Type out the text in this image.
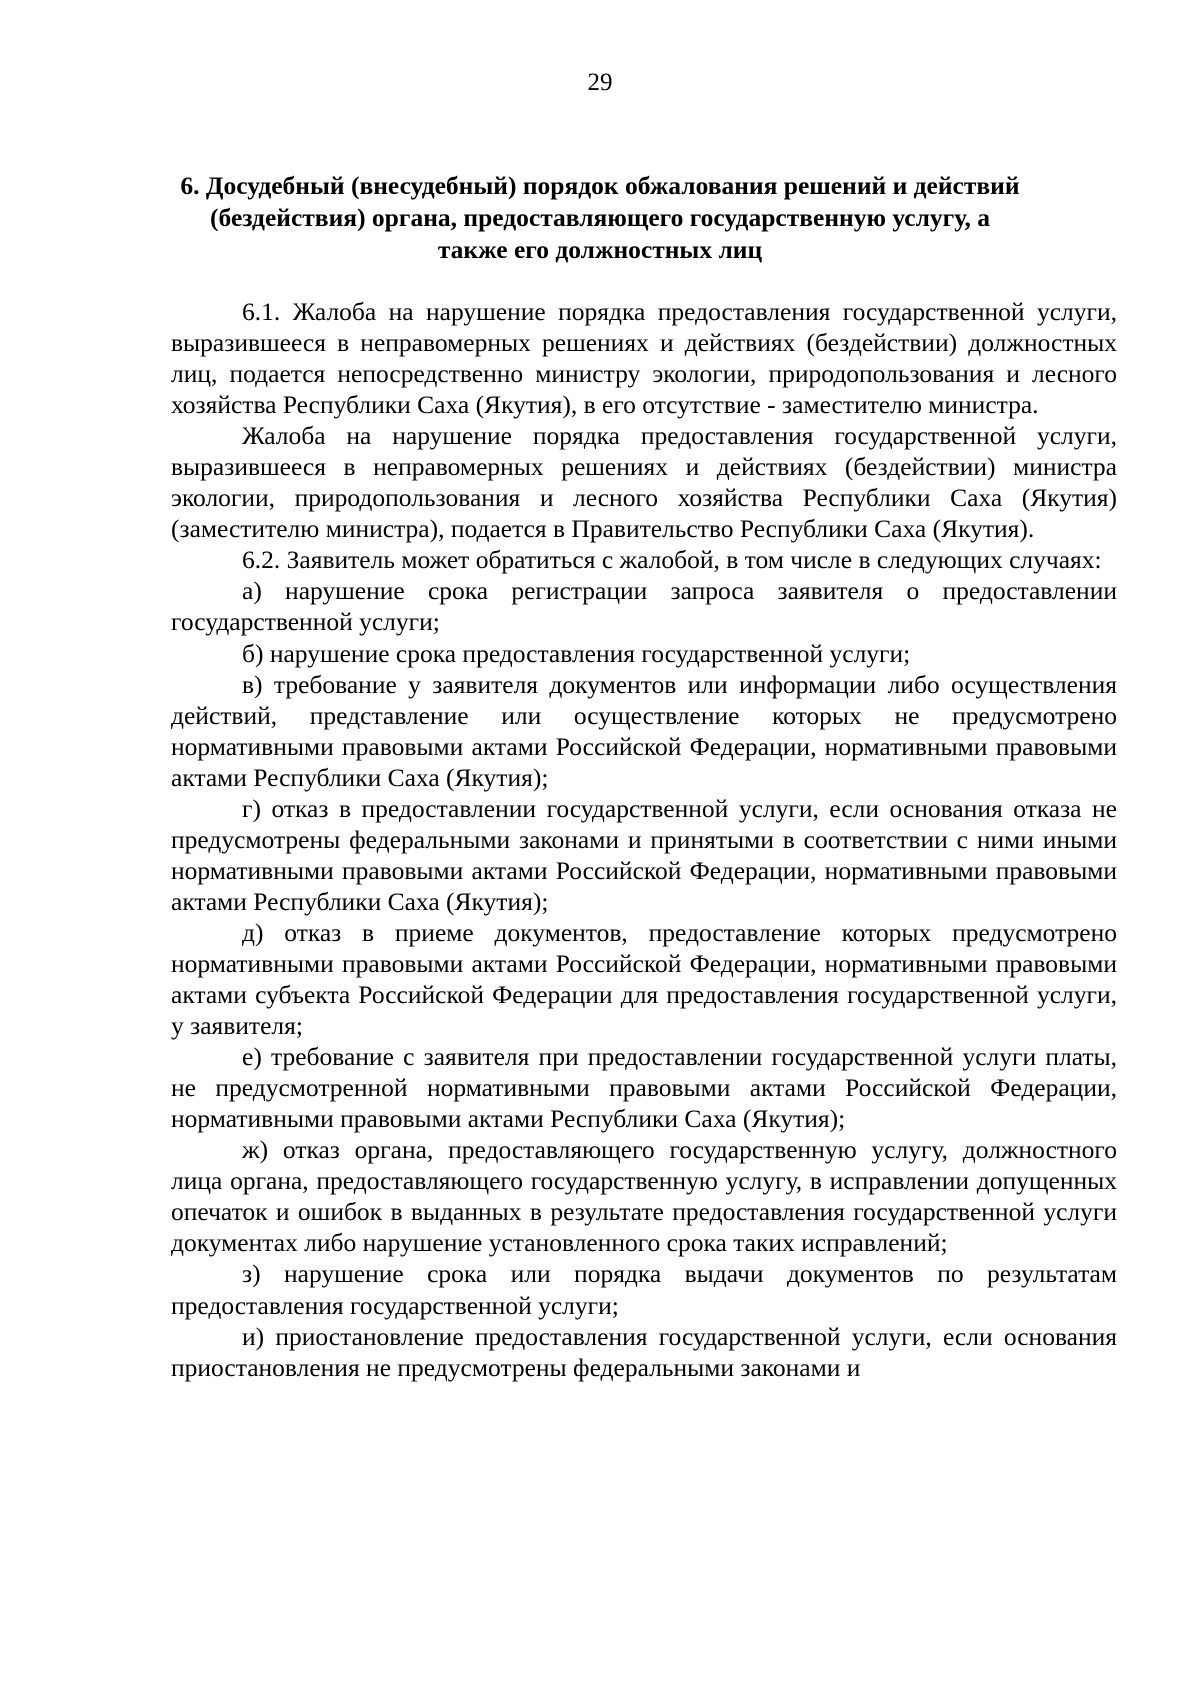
29
6. Досудебный (внесудебный) порядок обжалования решений и действий
(бездействия) органа, предоставляющего государственную услугу, а
также его должностных лиц

6.1. Жалоба на нарушение порядка предоставления государственной услуги, выразившееся в неправомерных решениях и действиях (бездействии) должностных лиц, подается непосредственно министру экологии, природопользования и лесного хозяйства Республики Саха (Якутия), в его отсутствие - заместителю министра.

Жалоба на нарушение порядка предоставления государственной услуги, выразившееся в неправомерных решениях и действиях (бездействии) министра экологии, природопользования и лесного хозяйства Республики Саха (Якутия) (заместителю министра), подается в Правительство Республики Саха (Якутия).

6.2. Заявитель может обратиться с жалобой, в том числе в следующих случаях:

а) нарушение срока регистрации запроса заявителя о предоставлении государственной услуги;

б) нарушение срока предоставления государственной услуги;

в) требование у заявителя документов или информации либо осуществления действий, представление или осуществление которых не предусмотрено нормативными правовыми актами Российской Федерации, нормативными правовыми актами Республики Саха (Якутия);

г) отказ в предоставлении государственной услуги, если основания отказа не предусмотрены федеральными законами и принятыми в соответствии с ними иными нормативными правовыми актами Российской Федерации, нормативными правовыми актами Республики Саха (Якутия);

д) отказ в приеме документов, предоставление которых предусмотрено нормативными правовыми актами Российской Федерации, нормативными правовыми актами субъекта Российской Федерации для предоставления государственной услуги, у заявителя;

е) требование с заявителя при предоставлении государственной услуги платы, не предусмотренной нормативными правовыми актами Российской Федерации, нормативными правовыми актами Республики Саха (Якутия);

ж) отказ органа, предоставляющего государственную услугу, должностного лица органа, предоставляющего государственную услугу, в исправлении допущенных опечаток и ошибок в выданных в результате предоставления государственной услуги документах либо нарушение установленного срока таких исправлений;

з) нарушение срока или порядка выдачи документов по результатам предоставления государственной услуги;

и) приостановление предоставления государственной услуги, если основания приостановления не предусмотрены федеральными законами и
